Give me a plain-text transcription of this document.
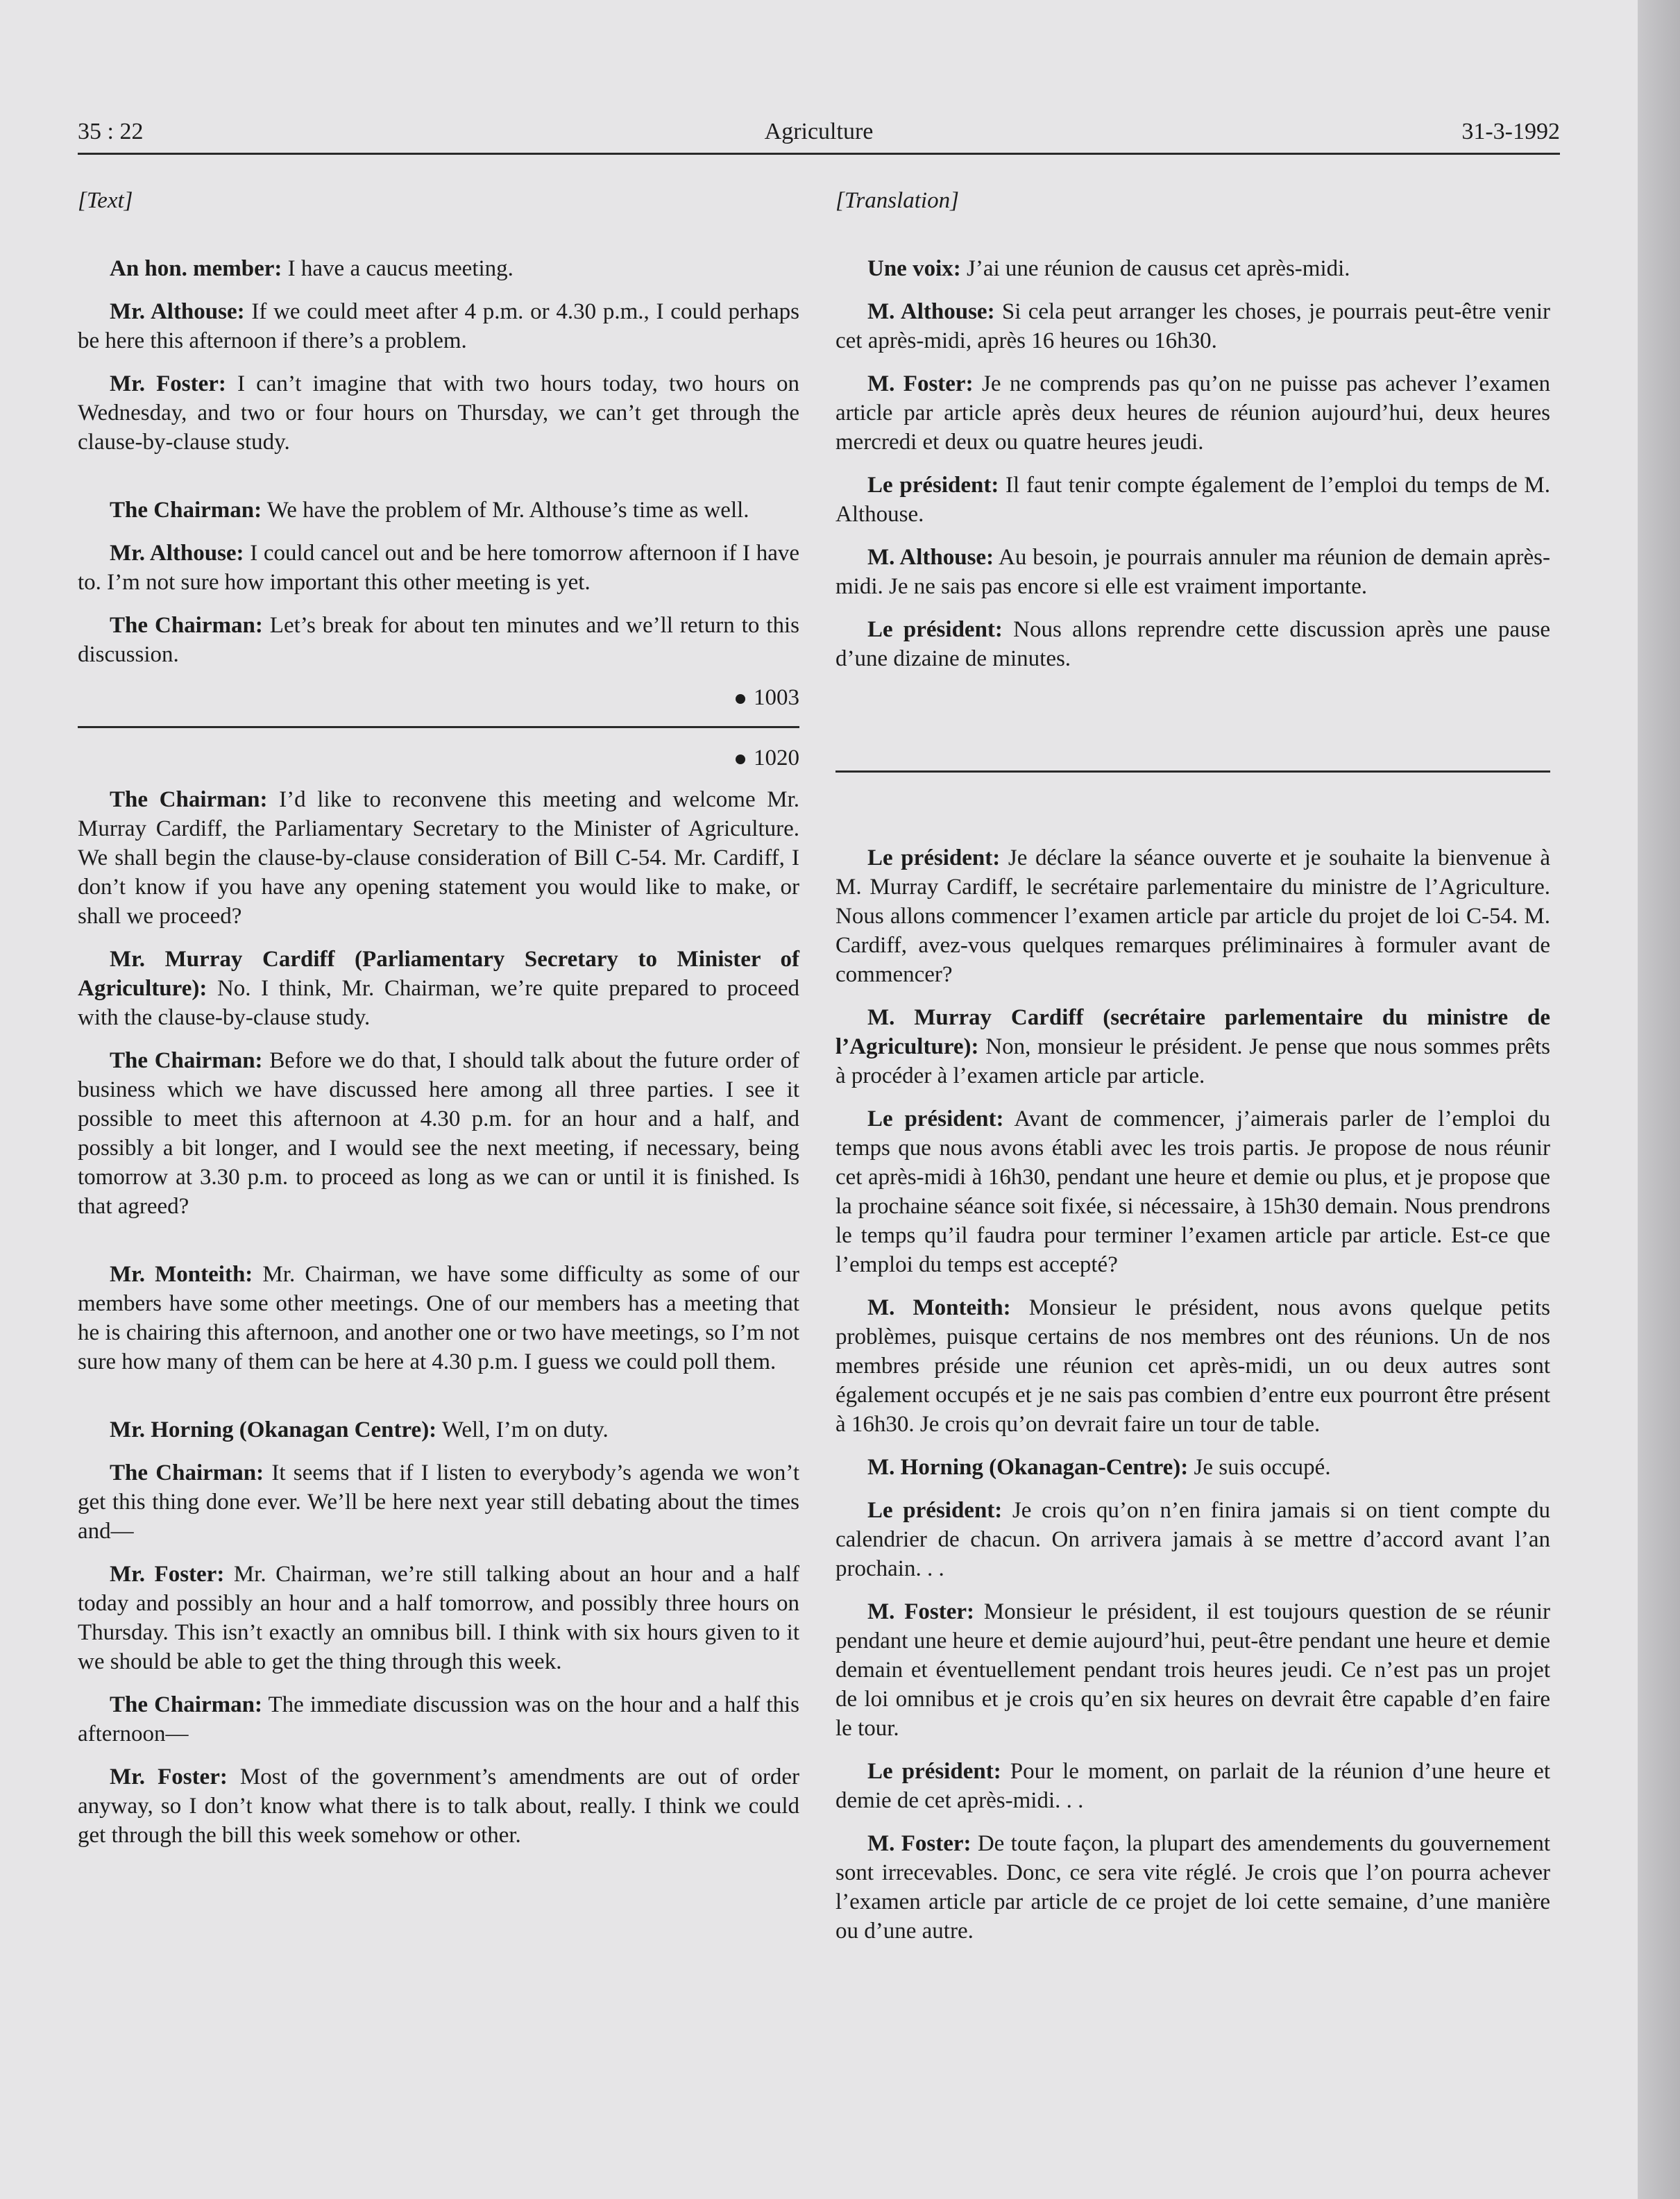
35 : 22	Agriculture	31-3-1992

[Text]

An hon. member: I have a caucus meeting.

Mr. Althouse: If we could meet after 4 p.m. or 4.30 p.m., I could perhaps be here this afternoon if there’s a problem.

Mr. Foster: I can’t imagine that with two hours today, two hours on Wednesday, and two or four hours on Thursday, we can’t get through the clause-by-clause study.

The Chairman: We have the problem of Mr. Althouse’s time as well.

Mr. Althouse: I could cancel out and be here tomorrow afternoon if I have to. I’m not sure how important this other meeting is yet.

The Chairman: Let’s break for about ten minutes and we’ll return to this discussion.

1003
1020

The Chairman: I’d like to reconvene this meeting and welcome Mr. Murray Cardiff, the Parliamentary Secretary to the Minister of Agriculture. We shall begin the clause-by-clause consideration of Bill C-54. Mr. Cardiff, I don’t know if you have any opening statement you would like to make, or shall we proceed?

Mr. Murray Cardiff (Parliamentary Secretary to Minister of Agriculture): No. I think, Mr. Chairman, we’re quite prepared to proceed with the clause-by-clause study.

The Chairman: Before we do that, I should talk about the future order of business which we have discussed here among all three parties. I see it possible to meet this afternoon at 4.30 p.m. for an hour and a half, and possibly a bit longer, and I would see the next meeting, if necessary, being tomorrow at 3.30 p.m. to proceed as long as we can or until it is finished. Is that agreed?

Mr. Monteith: Mr. Chairman, we have some difficulty as some of our members have some other meetings. One of our members has a meeting that he is chairing this afternoon, and another one or two have meetings, so I’m not sure how many of them can be here at 4.30 p.m. I guess we could poll them.

Mr. Horning (Okanagan Centre): Well, I’m on duty.

The Chairman: It seems that if I listen to everybody’s agenda we won’t get this thing done ever. We’ll be here next year still debating about the times and—

Mr. Foster: Mr. Chairman, we’re still talking about an hour and a half today and possibly an hour and a half tomorrow, and possibly three hours on Thursday. This isn’t exactly an omnibus bill. I think with six hours given to it we should be able to get the thing through this week.

The Chairman: The immediate discussion was on the hour and a half this afternoon—

Mr. Foster: Most of the government’s amendments are out of order anyway, so I don’t know what there is to talk about, really. I think we could get through the bill this week somehow or other.

[Translation]

Une voix: J’ai une réunion de causus cet après-midi.

M. Althouse: Si cela peut arranger les choses, je pourrais peut-être venir cet après-midi, après 16 heures ou 16h30.

M. Foster: Je ne comprends pas qu’on ne puisse pas achever l’examen article par article après deux heures de réunion aujourd’hui, deux heures mercredi et deux ou quatre heures jeudi.

Le président: Il faut tenir compte également de l’emploi du temps de M. Althouse.

M. Althouse: Au besoin, je pourrais annuler ma réunion de demain après-midi. Je ne sais pas encore si elle est vraiment importante.

Le président: Nous allons reprendre cette discussion après une pause d’une dizaine de minutes.

Le président: Je déclare la séance ouverte et je souhaite la bienvenue à M. Murray Cardiff, le secrétaire parlementaire du ministre de l’Agriculture. Nous allons commencer l’examen article par article du projet de loi C-54. M. Cardiff, avez-vous quelques remarques préliminaires à formuler avant de commencer?

M. Murray Cardiff (secrétaire parlementaire du ministre de l’Agriculture): Non, monsieur le président. Je pense que nous sommes prêts à procéder à l’examen article par article.

Le président: Avant de commencer, j’aimerais parler de l’emploi du temps que nous avons établi avec les trois partis. Je propose de nous réunir cet après-midi à 16h30, pendant une heure et demie ou plus, et je propose que la prochaine séance soit fixée, si nécessaire, à 15h30 demain. Nous prendrons le temps qu’il faudra pour terminer l’examen article par article. Est-ce que l’emploi du temps est accepté?

M. Monteith: Monsieur le président, nous avons quelque petits problèmes, puisque certains de nos membres ont des réunions. Un de nos membres préside une réunion cet après-midi, un ou deux autres sont également occupés et je ne sais pas combien d’entre eux pourront être présent à 16h30. Je crois qu’on devrait faire un tour de table.

M. Horning (Okanagan-Centre): Je suis occupé.

Le président: Je crois qu’on n’en finira jamais si on tient compte du calendrier de chacun. On arrivera jamais à se mettre d’accord avant l’an prochain. . .

M. Foster: Monsieur le président, il est toujours question de se réunir pendant une heure et demie aujourd’hui, peut-être pendant une heure et demie demain et éventuellement pendant trois heures jeudi. Ce n’est pas un projet de loi omnibus et je crois qu’en six heures on devrait être capable d’en faire le tour.

Le président: Pour le moment, on parlait de la réunion d’une heure et demie de cet après-midi. . .

M. Foster: De toute façon, la plupart des amendements du gouvernement sont irrecevables. Donc, ce sera vite réglé. Je crois que l’on pourra achever l’examen article par article de ce projet de loi cette semaine, d’une manière ou d’une autre.
